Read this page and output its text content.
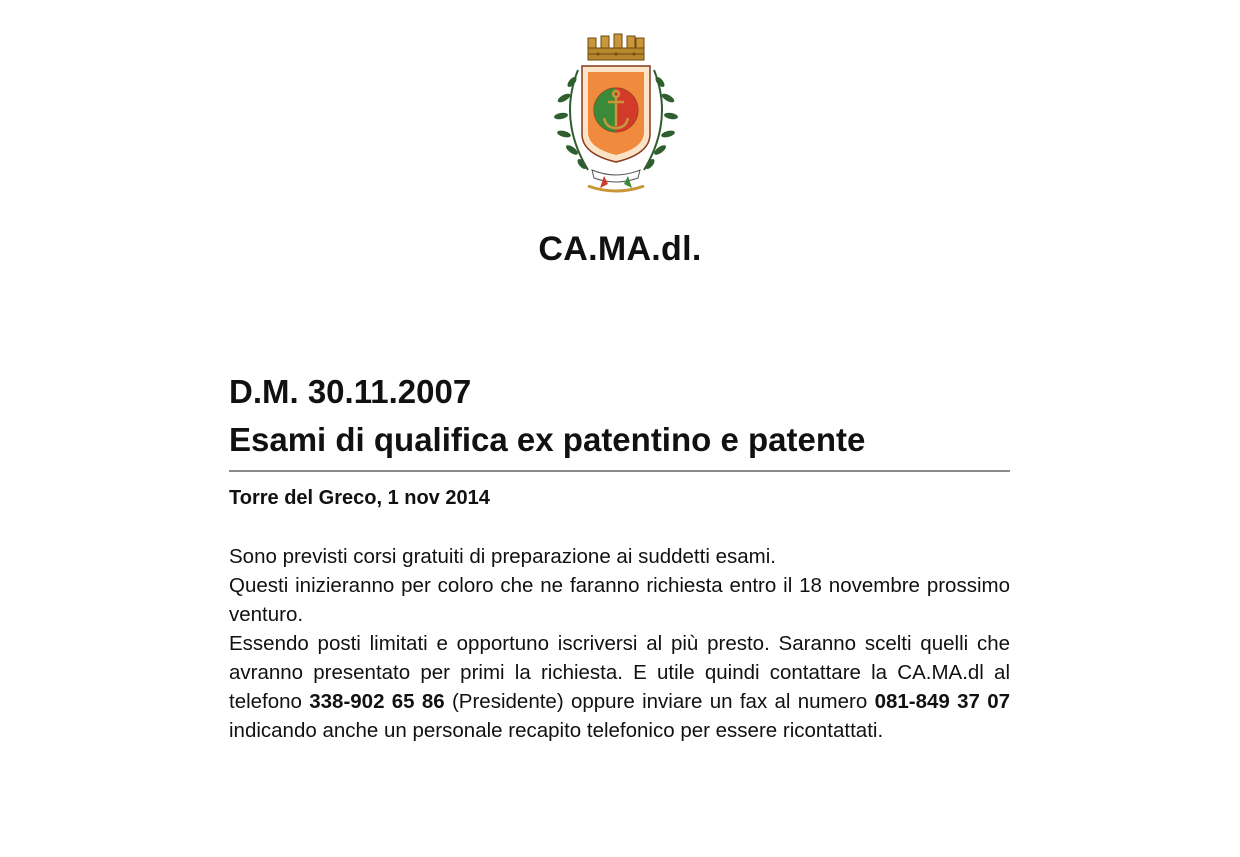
CA.MA.dl.
D.M. 30.11.2007
Esami di qualifica ex patentino e patente
Torre del Greco, 1 nov 2014

Sono previsti corsi gratuiti di preparazione ai suddetti esami.

Questi inizieranno per coloro che ne faranno richiesta entro il 18 novembre prossimo venturo.

Essendo posti limitati e opportuno iscriversi al più presto. Saranno scelti quelli che avranno presentato per primi la richiesta. E utile quindi contattare la CA.MA.dl al telefono 338-902 65 86 (Presidente) oppure inviare un fax al numero 081-849 37 07 indicando anche un personale recapito telefonico per essere ricontattati.
